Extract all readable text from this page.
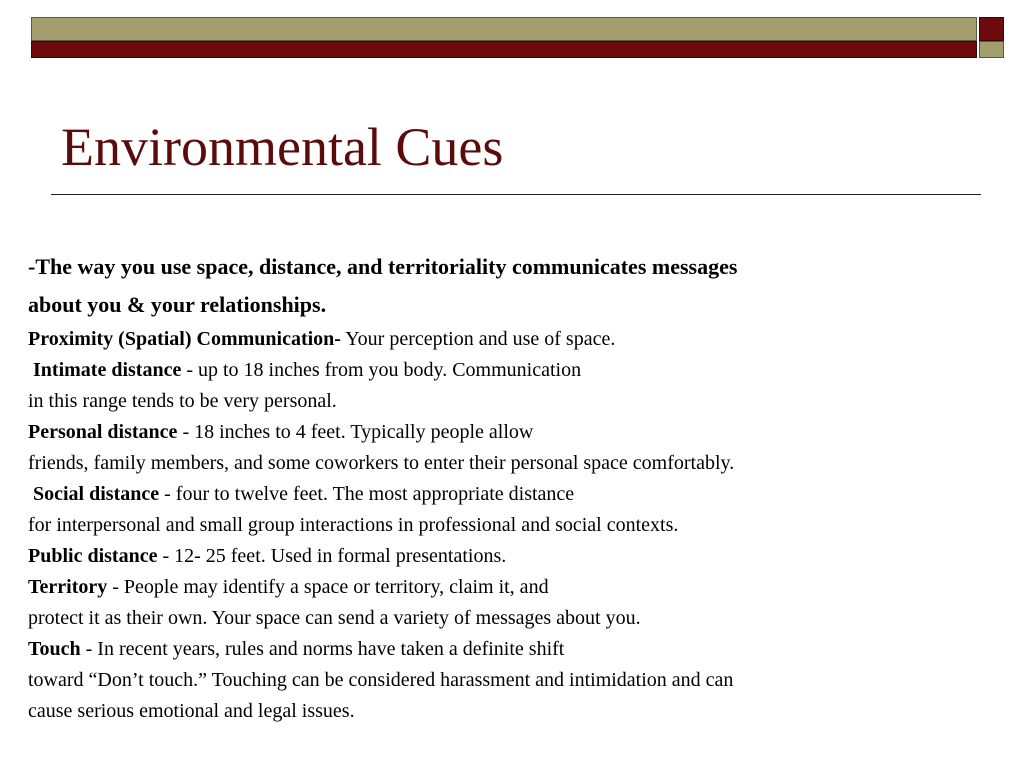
Environmental Cues
-The way you use space, distance, and territoriality communicates messages
about you & your relationships.

Proximity (Spatial) Communication- Your perception and use of space.

Intimate distance - up to 18 inches from you body. Communication

in this range tends to be very personal.

Personal distance - 18 inches to 4 feet. Typically people allow

friends, family members, and some coworkers to enter their personal space comfortably.

Social distance - four to twelve feet. The most appropriate distance

for interpersonal and small group interactions in professional and social contexts.

Public distance - 12- 25 feet. Used in formal presentations.

Territory - People may identify a space or territory, claim it, and

protect it as their own. Your space can send a variety of messages about you.

Touch - In recent years, rules and norms have taken a definite shift

toward “Don’t touch.” Touching can be considered harassment and intimidation and can

cause serious emotional and legal issues.
